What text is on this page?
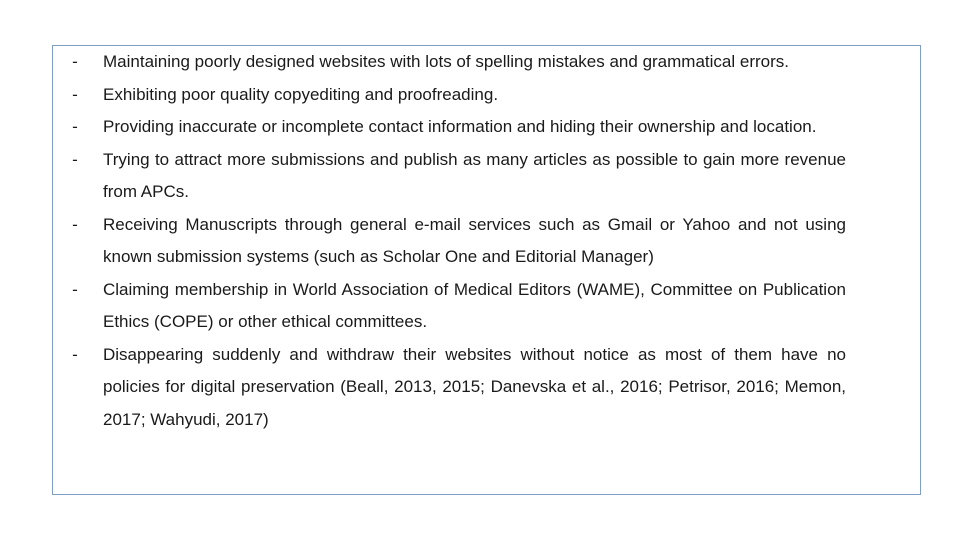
- Maintaining poorly designed websites with lots of spelling mistakes and grammatical errors.
- Exhibiting poor quality copyediting and proofreading.
- Providing inaccurate or incomplete contact information and hiding their ownership and location.
- Trying to attract more submissions and publish as many articles as possible to gain more revenue from APCs.
- Receiving Manuscripts through general e-mail services such as Gmail or Yahoo and not using known submission systems (such as Scholar One and Editorial Manager)
- Claiming membership in World Association of Medical Editors (WAME), Committee on Publication Ethics (COPE) or other ethical committees.
- Disappearing suddenly and withdraw their websites without notice as most of them have no policies for digital preservation (Beall, 2013, 2015; Danevska et al., 2016; Petrisor, 2016; Memon, 2017; Wahyudi, 2017)
